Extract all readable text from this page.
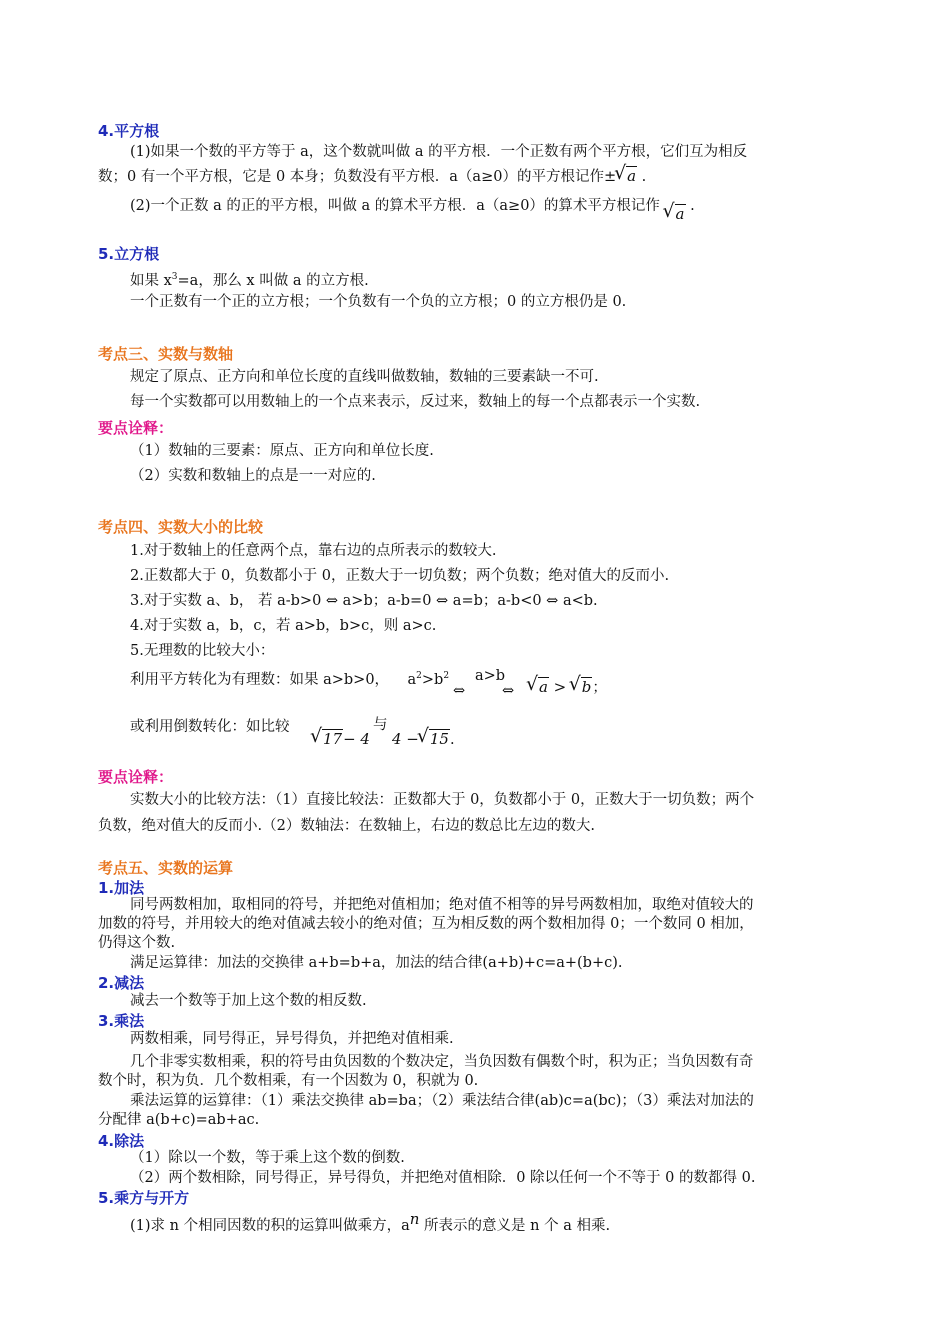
4.平方根
(1)如果一个数的平方等于 a，这个数就叫做 a 的平方根．一个正数有两个平方根，它们互为相反
数；0 有一个平方根，它是 0 本身；负数没有平方根．a（a≥0）的平方根记作± √ a .
(2)一个正数 a 的正的平方根，叫做 a 的算术平方根．a（a≥0）的算术平方根记作 √ a .
5.立方根
如果 $x^3=a$，那么 x 叫做 a 的立方根.
一个正数有一个正的立方根；一个负数有一个负的立方根；0 的立方根仍是 0.
考点三、实数与数轴
规定了原点、正方向和单位长度的直线叫做数轴，数轴的三要素缺一不可.
每一个实数都可以用数轴上的一个点来表示，反过来，数轴上的每一个点都表示一个实数.
要点诠释：
（1）数轴的三要素：原点、正方向和单位长度.
（2）实数和数轴上的点是一一对应的.
考点四、实数大小的比较
1.对于数轴上的任意两个点，靠右边的点所表示的数较大.
2.正数都大于 0，负数都小于 0，正数大于一切负数；两个负数；绝对值大的反而小.
3.对于实数 a、b， 若 a-b>0 ⇔ a>b；a-b=0 ⇔ a=b；a-b<0 ⇔ a<b.
4.对于实数 a，b，c，若 a>b，b>c，则 a>c.
5.无理数的比较大小：
利用平方转化为有理数：如果 a>b>0， $a^2>b^2$
⇔
a>b
⇔	√ a > √ b；
或利用倒数转化：如比较
√ 17− 4
与
4 − √ 15.
要点诠释：
实数大小的比较方法：（1）直接比较法：正数都大于 0，负数都小于 0，正数大于一切负数；两个
负数，绝对值大的反而小.（2）数轴法：在数轴上，右边的数总比左边的数大.
考点五、实数的运算
1.加法
同号两数相加，取相同的符号，并把绝对值相加；绝对值不相等的异号两数相加，取绝对值较大的
加数的符号，并用较大的绝对值减去较小的绝对值；互为相反数的两个数相加得 0；一个数同 0 相加，
仍得这个数.
满足运算律：加法的交换律 a+b=b+a，加法的结合律(a+b)+c=a+(b+c).
2.减法
减去一个数等于加上这个数的相反数.
3.乘法
两数相乘，同号得正，异号得负，并把绝对值相乘.
几个非零实数相乘，积的符号由负因数的个数决定，当负因数有偶数个时，积为正；当负因数有奇
数个时，积为负．几个数相乘，有一个因数为 0，积就为 0.
乘法运算的运算律：（1）乘法交换律 ab=ba；（2）乘法结合律(ab)c=a(bc)；（3）乘法对加法的
分配律 a(b+c)=ab+ac.
4.除法
（1）除以一个数，等于乘上这个数的倒数.
（2）两个数相除，同号得正，异号得负，并把绝对值相除．0 除以任何一个不等于 0 的数都得 0.
5.乘方与开方
(1)求 n 个相同因数的积的运算叫做乘方，$a^n$ 所表示的意义是 n 个 a 相乘.
